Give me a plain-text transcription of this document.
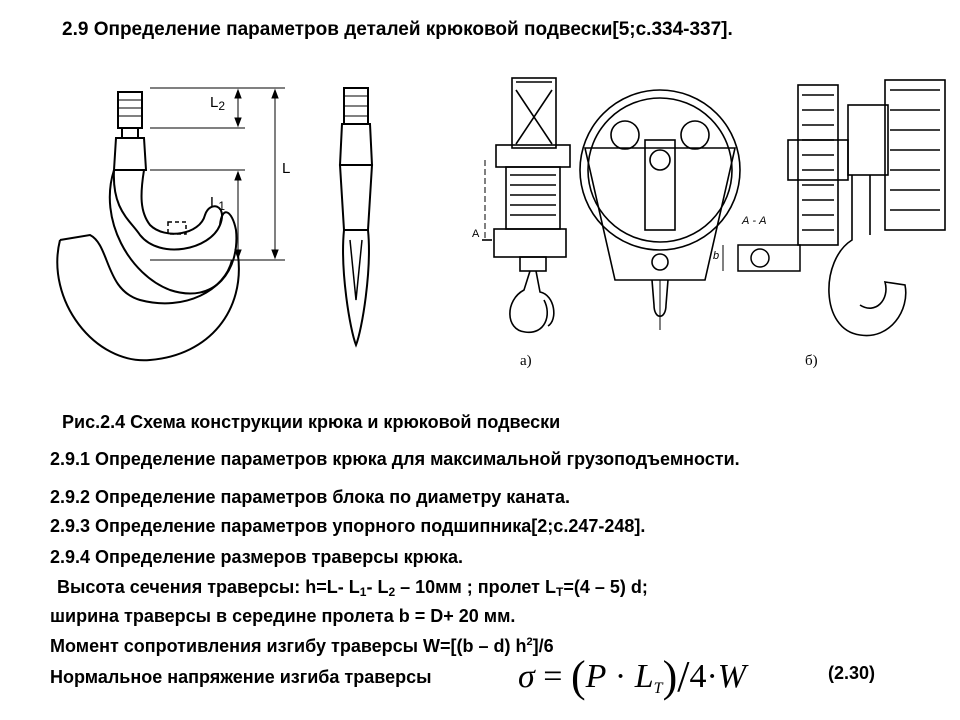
2.9 Определение параметров деталей крюковой подвески[5;с.334-337].
$L_2$
L
$L_1$
А - А
А
b
а)	б)
Рис.2.4 Схема конструкции крюка и крюковой подвески
2.9.1 Определение параметров крюка для максимальной грузоподъемности.
2.9.2 Определение параметров блока по диаметру каната.
2.9.3 Определение параметров упорного подшипника[2;с.247-248].
2.9.4 Определение размеров траверсы крюка.
Высота сечения траверсы: h=L- $L_1-$ $L_2 - 10мм$ ; пролет $L_T=(4 - 5)$ d;
ширина траверсы в середине пролета b = D+ 20 мм.
Момент сопротивления изгибу траверсы W=[(b – d) $h^2]/6$
Нормальное напряжение изгиба траверсы	$\sigma = (P \cdot L_T)/4\cdot W$	(2.30)
